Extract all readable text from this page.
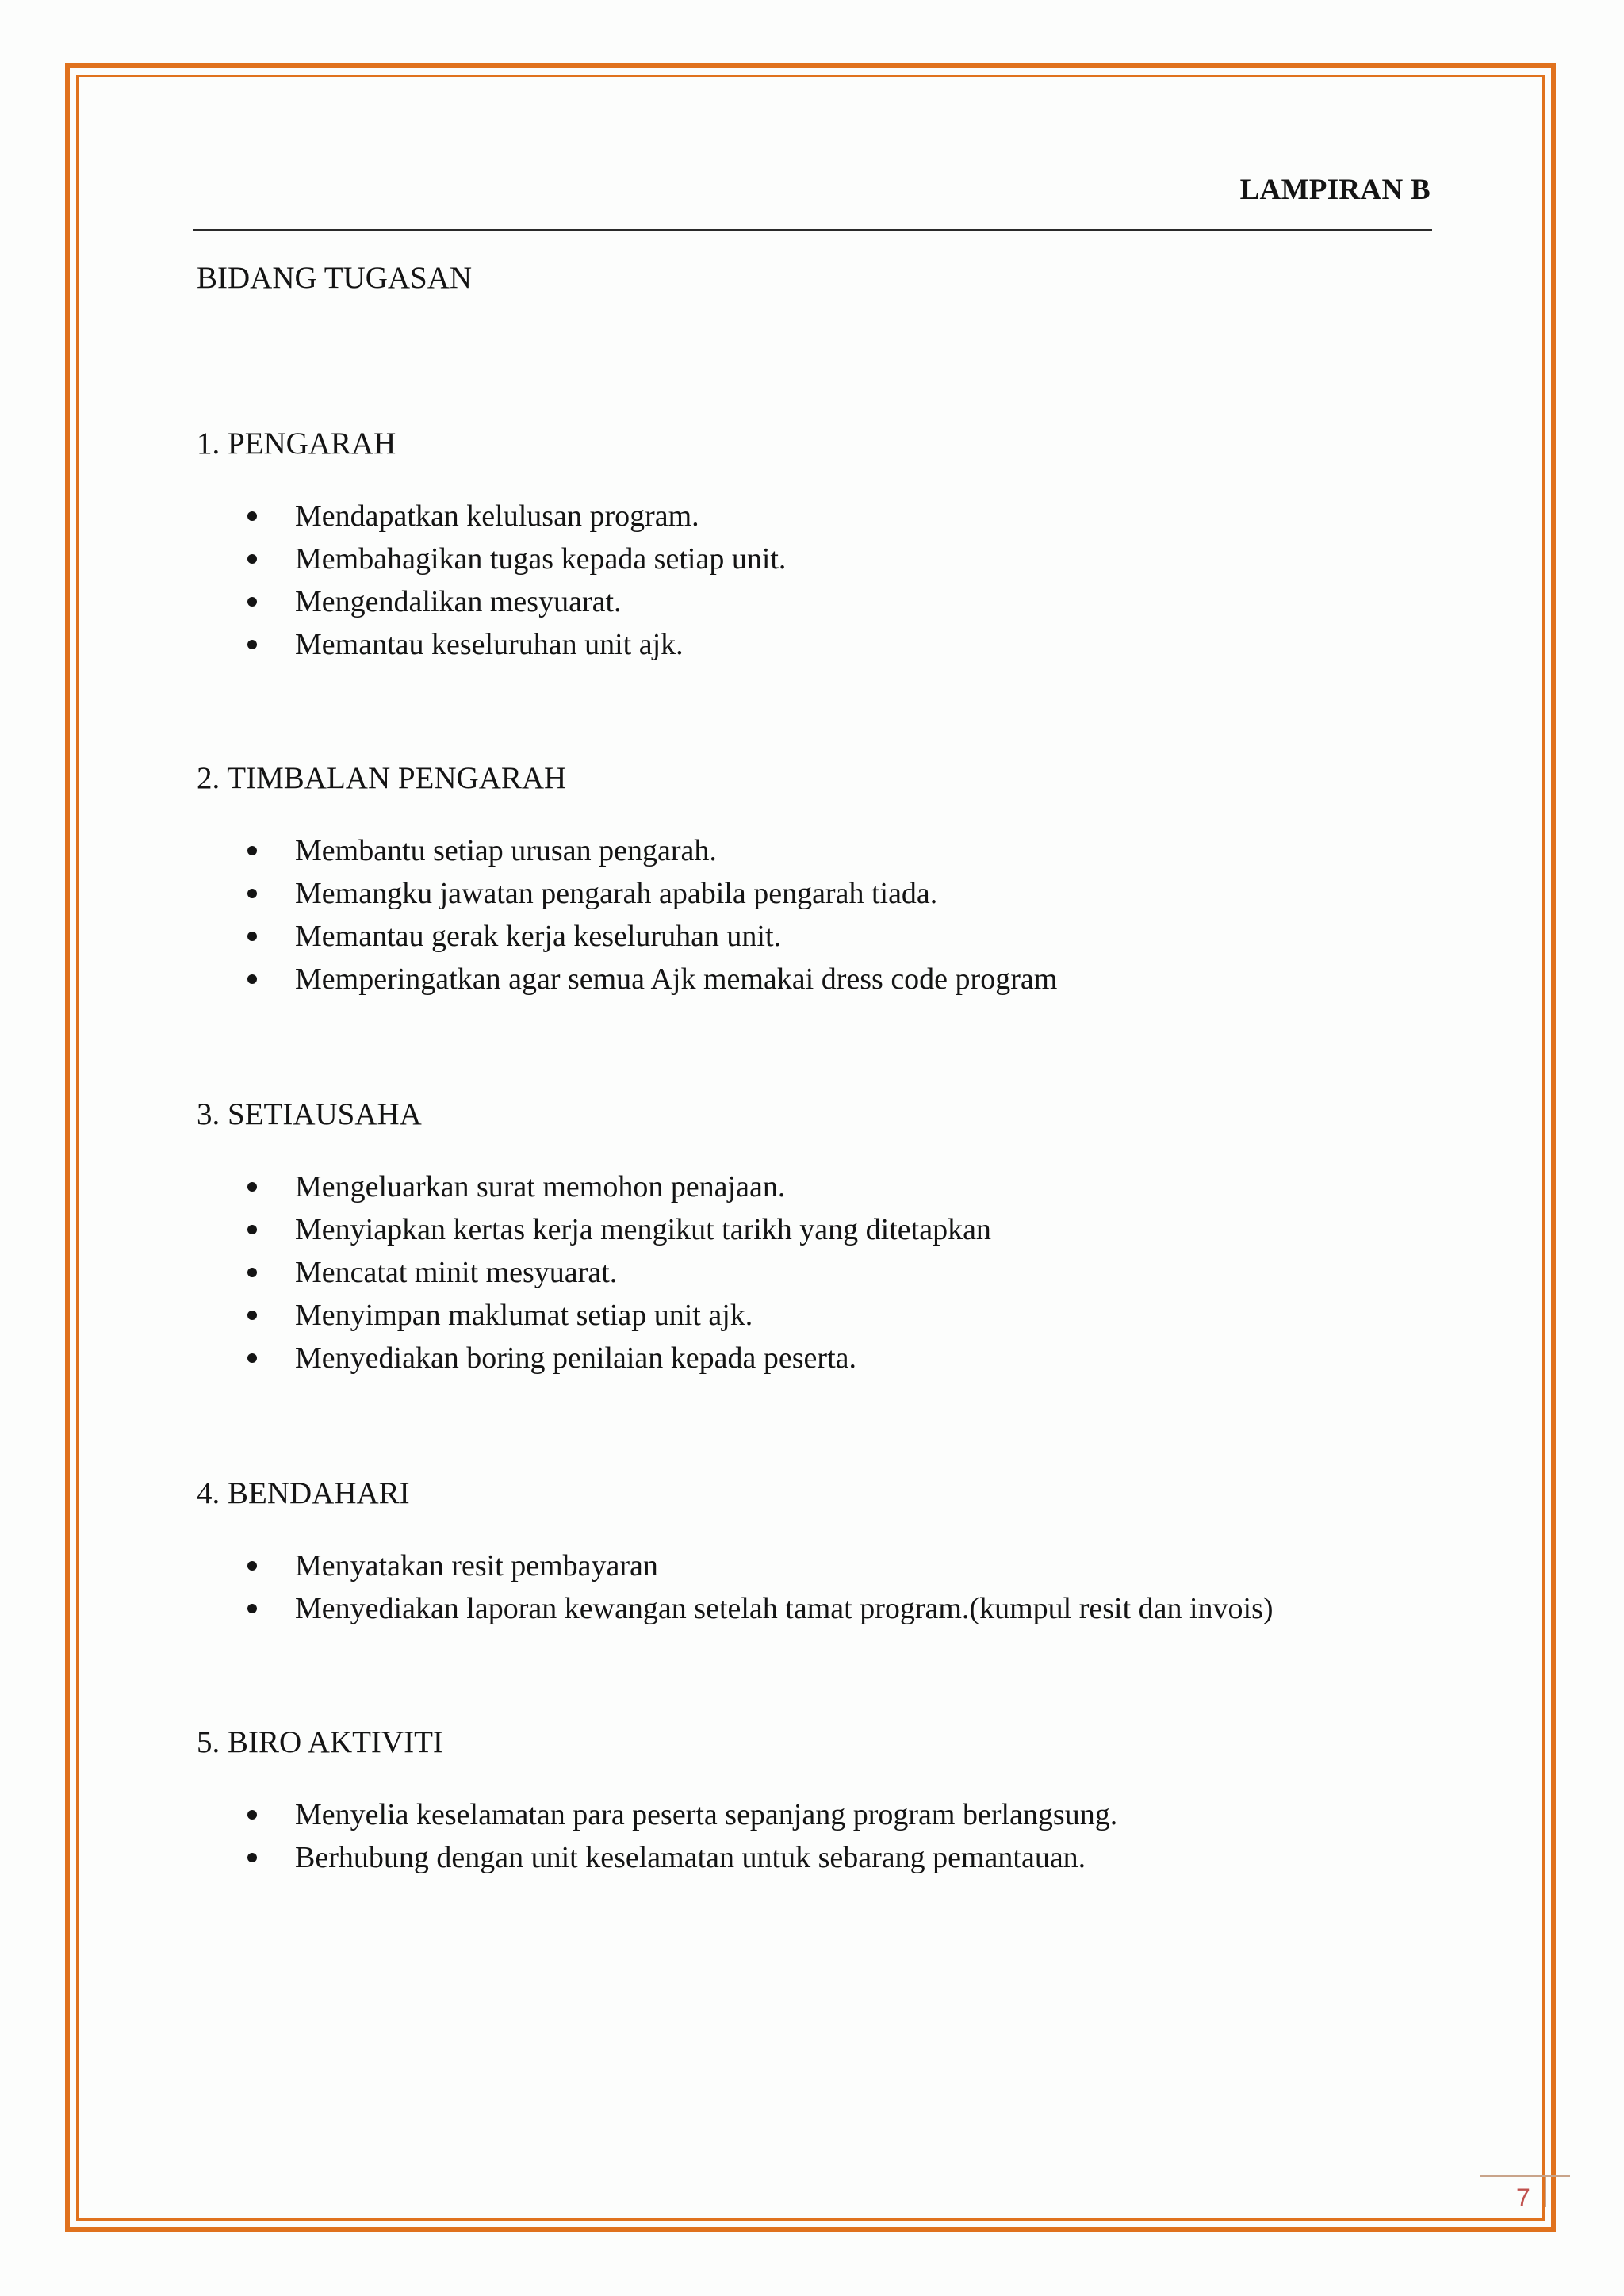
LAMPIRAN B
BIDANG TUGASAN
1. PENGARAH
Mendapatkan kelulusan program.
Membahagikan tugas kepada setiap unit.
Mengendalikan mesyuarat.
Memantau keseluruhan unit ajk.
2. TIMBALAN PENGARAH
Membantu setiap urusan pengarah.
Memangku jawatan pengarah apabila pengarah tiada.
Memantau gerak kerja keseluruhan unit.
Memperingatkan agar semua Ajk memakai dress code program
3. SETIAUSAHA
Mengeluarkan surat memohon penajaan.
Menyiapkan kertas kerja mengikut tarikh yang ditetapkan
Mencatat minit mesyuarat.
Menyimpan maklumat setiap unit ajk.
Menyediakan boring penilaian kepada peserta.
4. BENDAHARI
Menyatakan resit pembayaran
Menyediakan laporan kewangan setelah tamat program.(kumpul resit dan invois)
5. BIRO AKTIVITI
Menyelia keselamatan para peserta sepanjang program berlangsung.
Berhubung dengan unit keselamatan untuk sebarang pemantauan.
7
